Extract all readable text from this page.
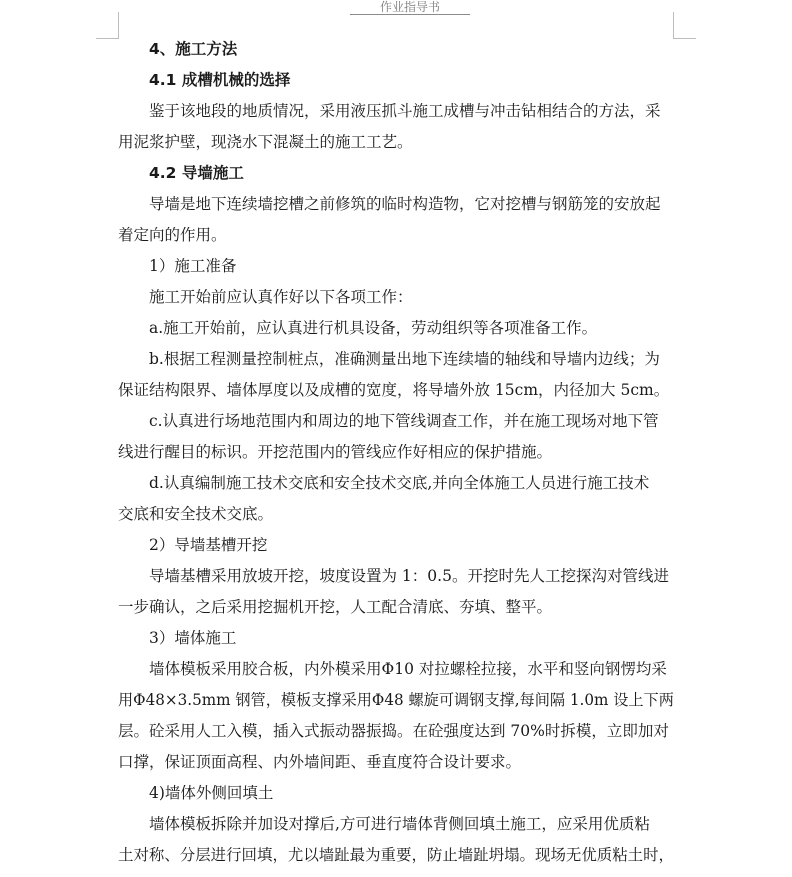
作业指导书
4、施工方法
4.1 成槽机械的选择
鉴于该地段的地质情况，采用液压抓斗施工成槽与冲击钻相结合的方法，采
用泥浆护壁，现浇水下混凝土的施工工艺。
4.2 导墙施工
导墙是地下连续墙挖槽之前修筑的临时构造物，它对挖槽与钢筋笼的安放起
着定向的作用。
1）施工准备
施工开始前应认真作好以下各项工作：
a.施工开始前，应认真进行机具设备，劳动组织等各项准备工作。
b.根据工程测量控制桩点，准确测量出地下连续墙的轴线和导墙内边线；为
保证结构限界、墙体厚度以及成槽的宽度，将导墙外放 15cm，内径加大 5cm。
c.认真进行场地范围内和周边的地下管线调查工作，并在施工现场对地下管
线进行醒目的标识。开挖范围内的管线应作好相应的保护措施。
d.认真编制施工技术交底和安全技术交底,并向全体施工人员进行施工技术
交底和安全技术交底。
2）导墙基槽开挖
导墙基槽采用放坡开挖，坡度设置为 1：0.5。开挖时先人工挖探沟对管线进
一步确认，之后采用挖掘机开挖，人工配合清底、夯填、整平。
3）墙体施工
墙体模板采用胶合板，内外模采用Φ10 对拉螺栓拉接，水平和竖向钢愣均采
用Φ48×3.5mm 钢管，模板支撑采用Φ48 螺旋可调钢支撑,每间隔 1.0m 设上下两
层。砼采用人工入模，插入式振动器振捣。在砼强度达到 70%时拆模，立即加对
口撑，保证顶面高程、内外墙间距、垂直度符合设计要求。
4)墙体外侧回填土
墙体模板拆除并加设对撑后,方可进行墙体背侧回填土施工，应采用优质粘
土对称、分层进行回填，尤以墙趾最为重要，防止墙趾坍塌。现场无优质粘土时，
